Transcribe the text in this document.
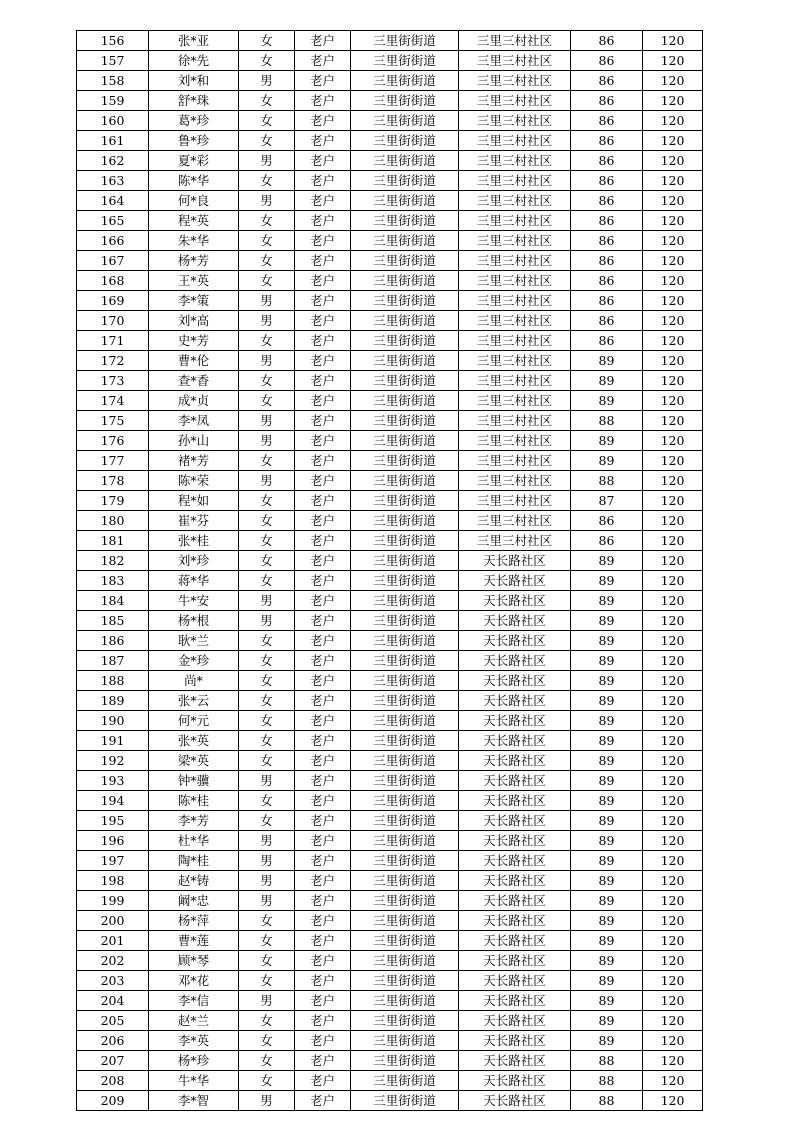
156	张*亚	女	老户	三里街街道	三里三村社区	86	120
157	徐*先	女	老户	三里街街道	三里三村社区	86	120
158	刘*和	男	老户	三里街街道	三里三村社区	86	120
159	舒*珠	女	老户	三里街街道	三里三村社区	86	120
160	葛*珍	女	老户	三里街街道	三里三村社区	86	120
161	鲁*珍	女	老户	三里街街道	三里三村社区	86	120
162	夏*彩	男	老户	三里街街道	三里三村社区	86	120
163	陈*华	女	老户	三里街街道	三里三村社区	86	120
164	何*良	男	老户	三里街街道	三里三村社区	86	120
165	程*英	女	老户	三里街街道	三里三村社区	86	120
166	朱*华	女	老户	三里街街道	三里三村社区	86	120
167	杨*芳	女	老户	三里街街道	三里三村社区	86	120
168	王*英	女	老户	三里街街道	三里三村社区	86	120
169	李*策	男	老户	三里街街道	三里三村社区	86	120
170	刘*高	男	老户	三里街街道	三里三村社区	86	120
171	史*芳	女	老户	三里街街道	三里三村社区	86	120
172	曹*伦	男	老户	三里街街道	三里三村社区	89	120
173	查*香	女	老户	三里街街道	三里三村社区	89	120
174	成*贞	女	老户	三里街街道	三里三村社区	89	120
175	李*凤	男	老户	三里街街道	三里三村社区	88	120
176	孙*山	男	老户	三里街街道	三里三村社区	89	120
177	褚*芳	女	老户	三里街街道	三里三村社区	89	120
178	陈*荣	男	老户	三里街街道	三里三村社区	88	120
179	程*如	女	老户	三里街街道	三里三村社区	87	120
180	崔*芬	女	老户	三里街街道	三里三村社区	86	120
181	张*桂	女	老户	三里街街道	三里三村社区	86	120
182	刘*珍	女	老户	三里街街道	天长路社区	89	120
183	蒋*华	女	老户	三里街街道	天长路社区	89	120
184	牛*安	男	老户	三里街街道	天长路社区	89	120
185	杨*根	男	老户	三里街街道	天长路社区	89	120
186	耿*兰	女	老户	三里街街道	天长路社区	89	120
187	金*珍	女	老户	三里街街道	天长路社区	89	120
188	尚*	女	老户	三里街街道	天长路社区	89	120
189	张*云	女	老户	三里街街道	天长路社区	89	120
190	何*元	女	老户	三里街街道	天长路社区	89	120
191	张*英	女	老户	三里街街道	天长路社区	89	120
192	梁*英	女	老户	三里街街道	天长路社区	89	120
193	钟*骥	男	老户	三里街街道	天长路社区	89	120
194	陈*桂	女	老户	三里街街道	天长路社区	89	120
195	李*芳	女	老户	三里街街道	天长路社区	89	120
196	杜*华	男	老户	三里街街道	天长路社区	89	120
197	陶*桂	男	老户	三里街街道	天长路社区	89	120
198	赵*铸	男	老户	三里街街道	天长路社区	89	120
199	阚*忠	男	老户	三里街街道	天长路社区	89	120
200	杨*萍	女	老户	三里街街道	天长路社区	89	120
201	曹*莲	女	老户	三里街街道	天长路社区	89	120
202	顾*琴	女	老户	三里街街道	天长路社区	89	120
203	邓*花	女	老户	三里街街道	天长路社区	89	120
204	李*信	男	老户	三里街街道	天长路社区	89	120
205	赵*兰	女	老户	三里街街道	天长路社区	89	120
206	李*英	女	老户	三里街街道	天长路社区	89	120
207	杨*珍	女	老户	三里街街道	天长路社区	88	120
208	牛*华	女	老户	三里街街道	天长路社区	88	120
209	李*智	男	老户	三里街街道	天长路社区	88	120
